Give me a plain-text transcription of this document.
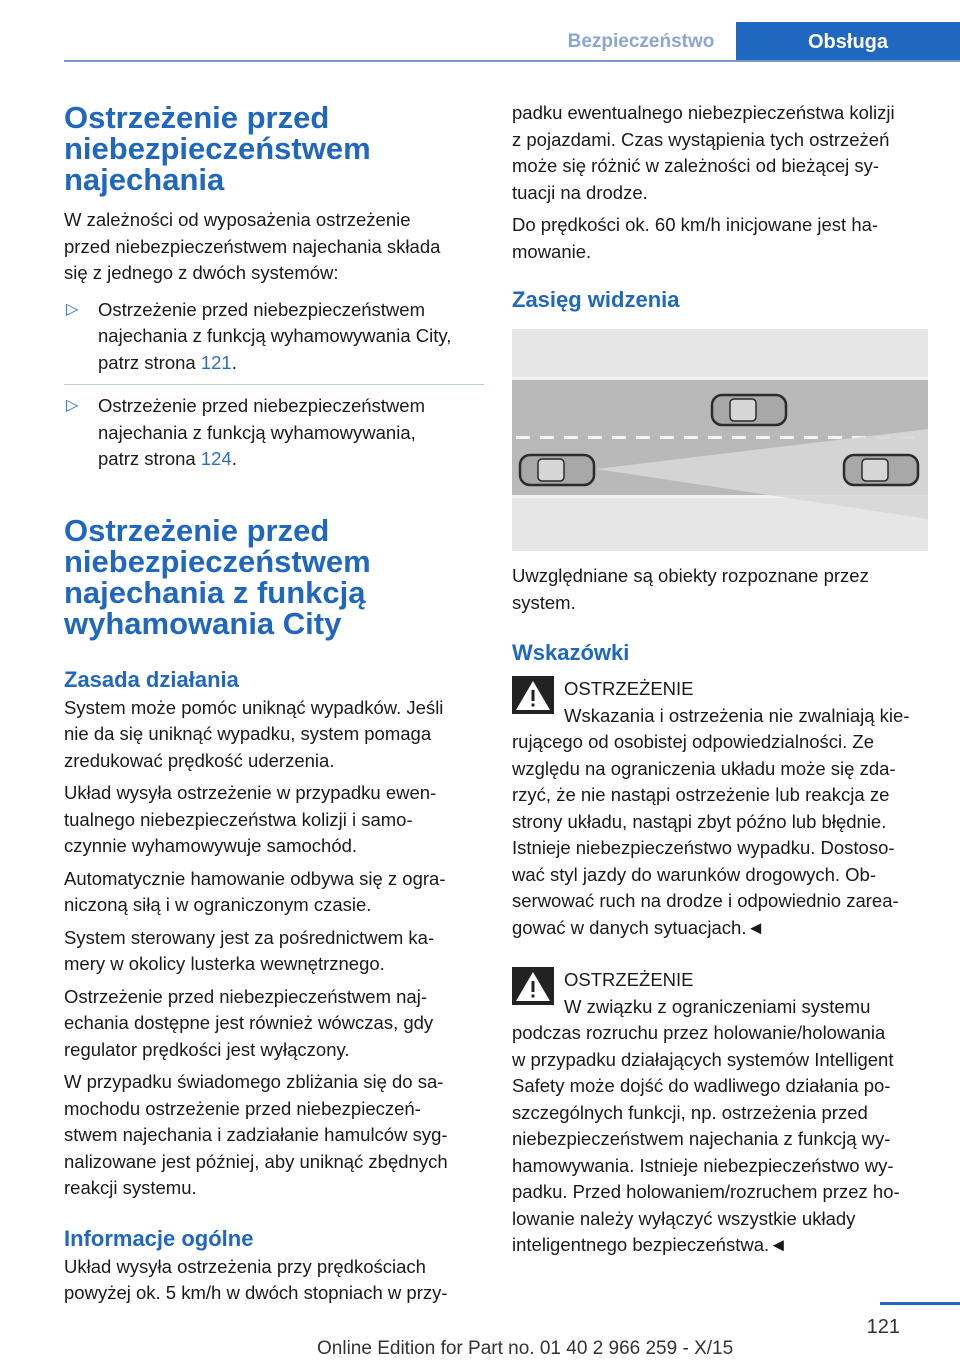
Bezpieczeństwo	Obsługa
Ostrzeżenie przed
niebezpieczeństwem
najechania

W zależności od wyposażenia ostrzeżenie
przed niebezpieczeństwem najechania składa
się z jednego z dwóch systemów:

▷ Ostrzeżenie przed niebezpieczeństwem
najechania z funkcją wyhamowywania City,
patrz strona 121.
▷ Ostrzeżenie przed niebezpieczeństwem
najechania z funkcją wyhamowywania,
patrz strona 124.
Ostrzeżenie przed
niebezpieczeństwem
najechania z funkcją
wyhamowania City
Zasada działania

System może pomóc uniknąć wypadków. Jeśli
nie da się uniknąć wypadku, system pomaga
zredukować prędkość uderzenia.

Układ wysyła ostrzeżenie w przypadku ewen-
tualnego niebezpieczeństwa kolizji i samo-
czynnie wyhamowywuje samochód.

Automatycznie hamowanie odbywa się z ogra-
niczoną siłą i w ograniczonym czasie.

System sterowany jest za pośrednictwem ka-
mery w okolicy lusterka wewnętrznego.

Ostrzeżenie przed niebezpieczeństwem naj-
echania dostępne jest również wówczas, gdy
regulator prędkości jest wyłączony.

W przypadku świadomego zbliżania się do sa-
mochodu ostrzeżenie przed niebezpieczeń-
stwem najechania i zadziałanie hamulców syg-
nalizowane jest później, aby uniknąć zbędnych
reakcji systemu.

Informacje ogólne

Układ wysyła ostrzeżenia przy prędkościach
powyżej ok. 5 km/h w dwóch stopniach w przy-

padku ewentualnego niebezpieczeństwa kolizji
z pojazdami. Czas wystąpienia tych ostrzeżeń
może się różnić w zależności od bieżącej sy-
tuacji na drodze.

Do prędkości ok. 60 km/h inicjowane jest ha-
mowanie.

Zasięg widzenia

Uwzględniane są obiekty rozpoznane przez
system.

Wskazówki
OSTRZEŻENIE

Wskazania i ostrzeżenia nie zwalniają kie-

rującego od osobistej odpowiedzialności. Ze
względu na ograniczenia układu może się zda-
rzyć, że nie nastąpi ostrzeżenie lub reakcja ze
strony układu, nastąpi zbyt późno lub błędnie.
Istnieje niebezpieczeństwo wypadku. Dostoso-
wać styl jazdy do warunków drogowych. Ob-
serwować ruch na drodze i odpowiednio zarea-
gować w danych sytuacjach.◄

OSTRZEŻENIE

W związku z ograniczeniami systemu

podczas rozruchu przez holowanie/holowania
w przypadku działających systemów Intelligent
Safety może dojść do wadliwego działania po-
szczególnych funkcji, np. ostrzeżenia przed
niebezpieczeństwem najechania z funkcją wy-
hamowywania. Istnieje niebezpieczeństwo wy-
padku. Przed holowaniem/rozruchem przez ho-
lowanie należy wyłączyć wszystkie układy
inteligentnego bezpieczeństwa.◄

121
Online Edition for Part no. 01 40 2 966 259 - X/15
